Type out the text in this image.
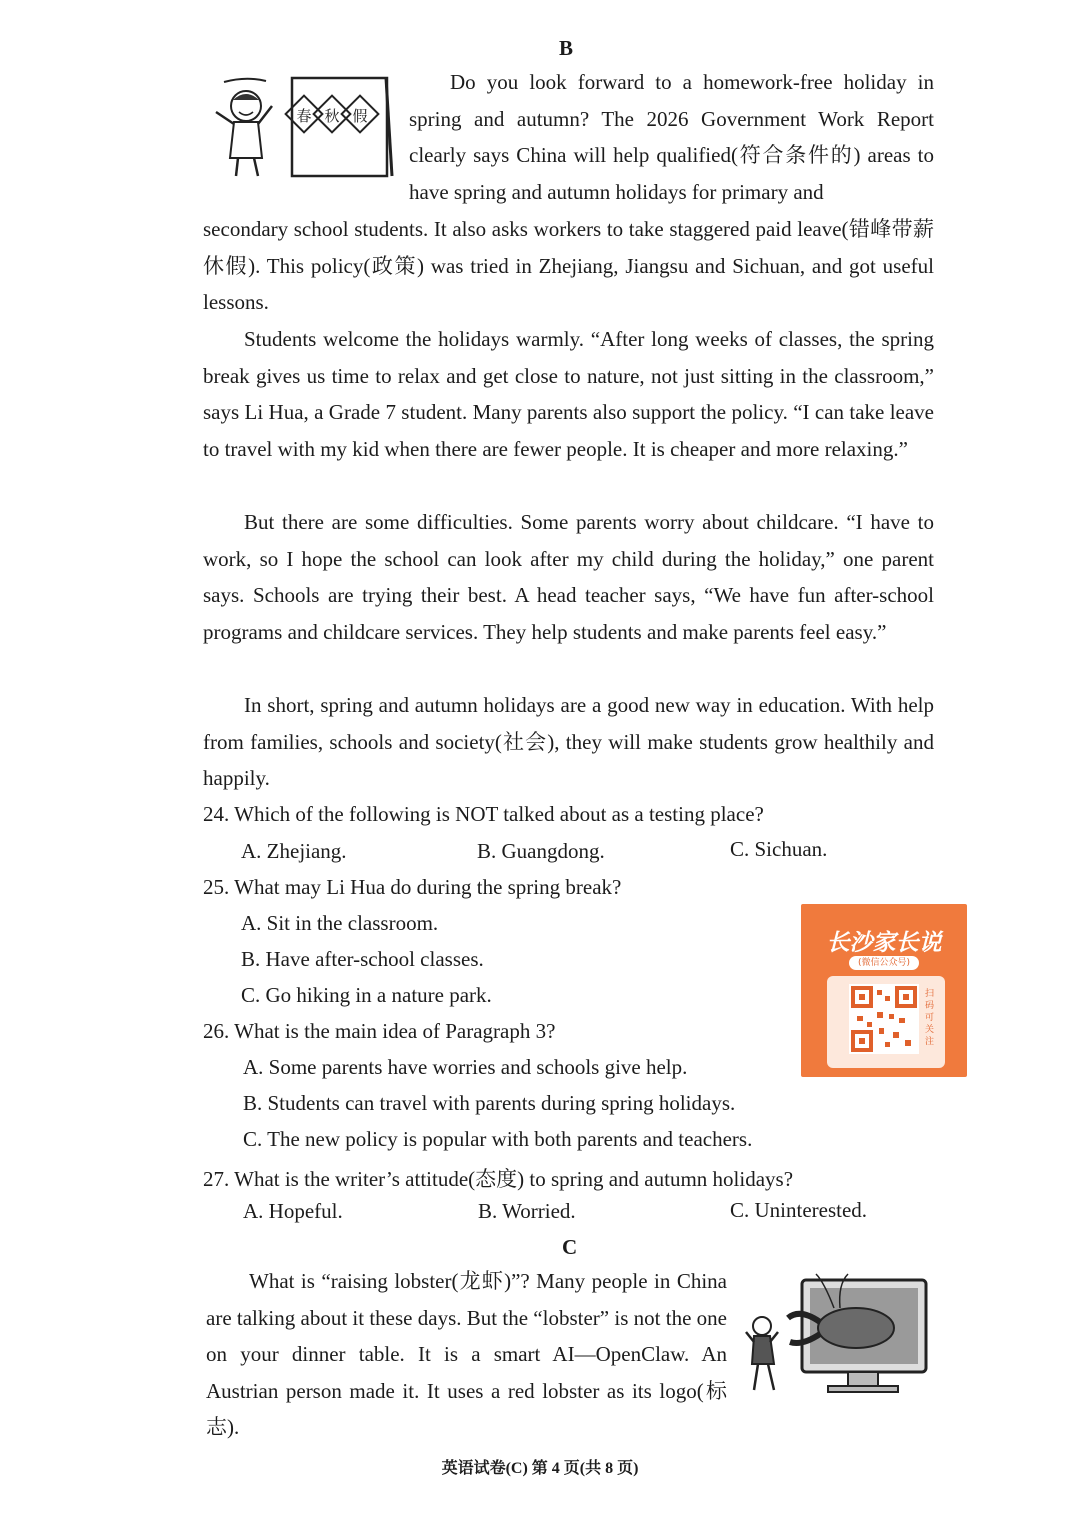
B
春 秋 假

Do you look forward to a homework-free holiday in spring and autumn? The 2026 Government Work Report clearly says China will help qualified(符合条件的) areas to have spring and autumn holidays for primary and

secondary school students. It also asks workers to take staggered paid leave(错峰带薪休假). This policy(政策) was tried in Zhejiang, Jiangsu and Sichuan, and got useful lessons.

Students welcome the holidays warmly. “After long weeks of classes, the spring break gives us time to relax and get close to nature, not just sitting in the classroom,” says Li Hua, a Grade 7 student. Many parents also support the policy. “I can take leave to travel with my kid when there are fewer people. It is cheaper and more relaxing.”

But there are some difficulties. Some parents worry about childcare. “I have to work, so I hope the school can look after my child during the holiday,” one parent says. Schools are trying their best. A head teacher says, “We have fun after-school programs and childcare services. They help students and make parents feel easy.”

In short, spring and autumn holidays are a good new way in education. With help from families, schools and society(社会), they will make students grow healthily and happily.

24. Which of the following is NOT talked about as a testing place?

A. Zhejiang.	B. Guangdong.	C. Sichuan.

25. What may Li Hua do during the spring break?

A. Sit in the classroom.
B. Have after-school classes.
C. Go hiking in a nature park.

26. What is the main idea of Paragraph 3?

A. Some parents have worries and schools give help.
B. Students can travel with parents during spring holidays.
C. The new policy is popular with both parents and teachers.

27. What is the writer’s attitude(态度) to spring and autumn holidays?

A. Hopeful.	B. Worried.	C. Uninterested.
长沙家长说
(微信公众号)
扫码可关注
C

What is “raising lobster(龙虾)”? Many people in China are talking about it these days. But the “lobster” is not the one on your dinner table. It is a smart AI—OpenClaw. An Austrian person made it. It uses a red lobster as its logo(标志).

英语试卷(C) 第 4 页(共 8 页)
